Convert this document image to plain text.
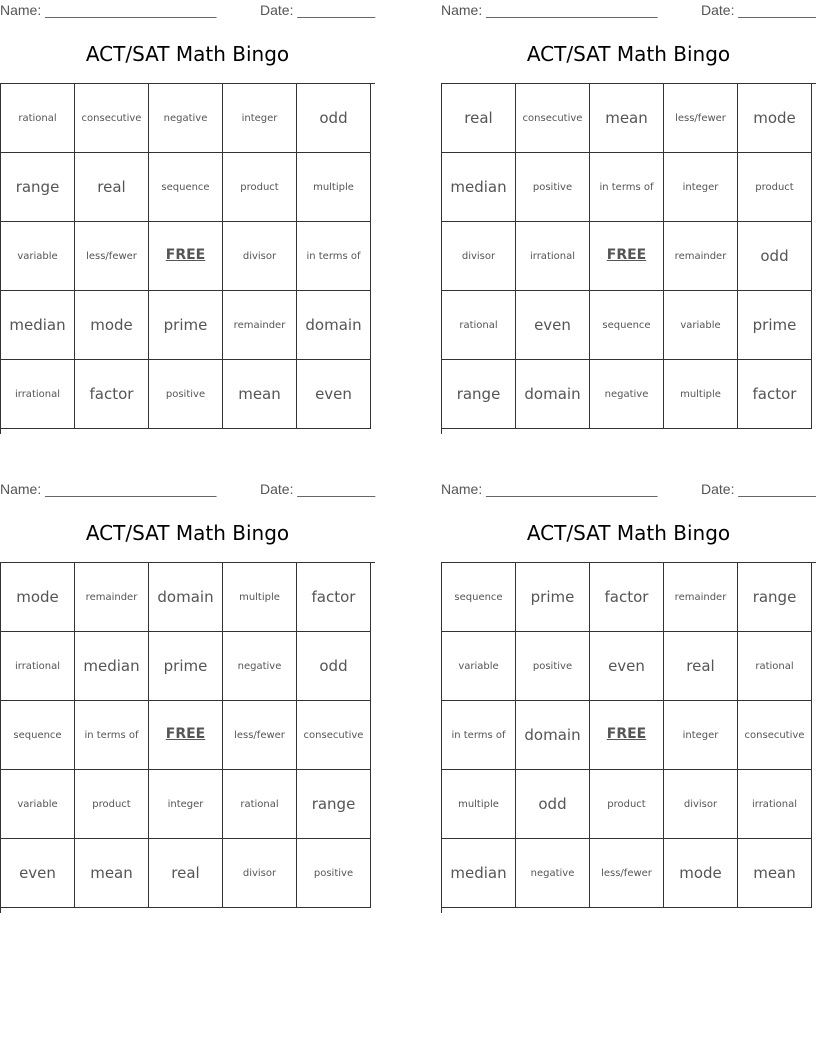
Name: ______________________	Date: __________
ACT/SAT Math Bingo
rational	consecutive	negative	integer	odd
range	real	sequence	product	multiple
variable	less/fewer	FREE	divisor	in terms of
median	mode	prime	remainder	domain
irrational	factor	positive	mean	even
Name: ______________________	Date: __________
ACT/SAT Math Bingo
real	consecutive	mean	less/fewer	mode
median	positive	in terms of	integer	product
divisor	irrational	FREE	remainder	odd
rational	even	sequence	variable	prime
range	domain	negative	multiple	factor
Name: ______________________	Date: __________
ACT/SAT Math Bingo
mode	remainder	domain	multiple	factor
irrational	median	prime	negative	odd
sequence	in terms of	FREE	less/fewer	consecutive
variable	product	integer	rational	range
even	mean	real	divisor	positive
Name: ______________________	Date: __________
ACT/SAT Math Bingo
sequence	prime	factor	remainder	range
variable	positive	even	real	rational
in terms of	domain	FREE	integer	consecutive
multiple	odd	product	divisor	irrational
median	negative	less/fewer	mode	mean
